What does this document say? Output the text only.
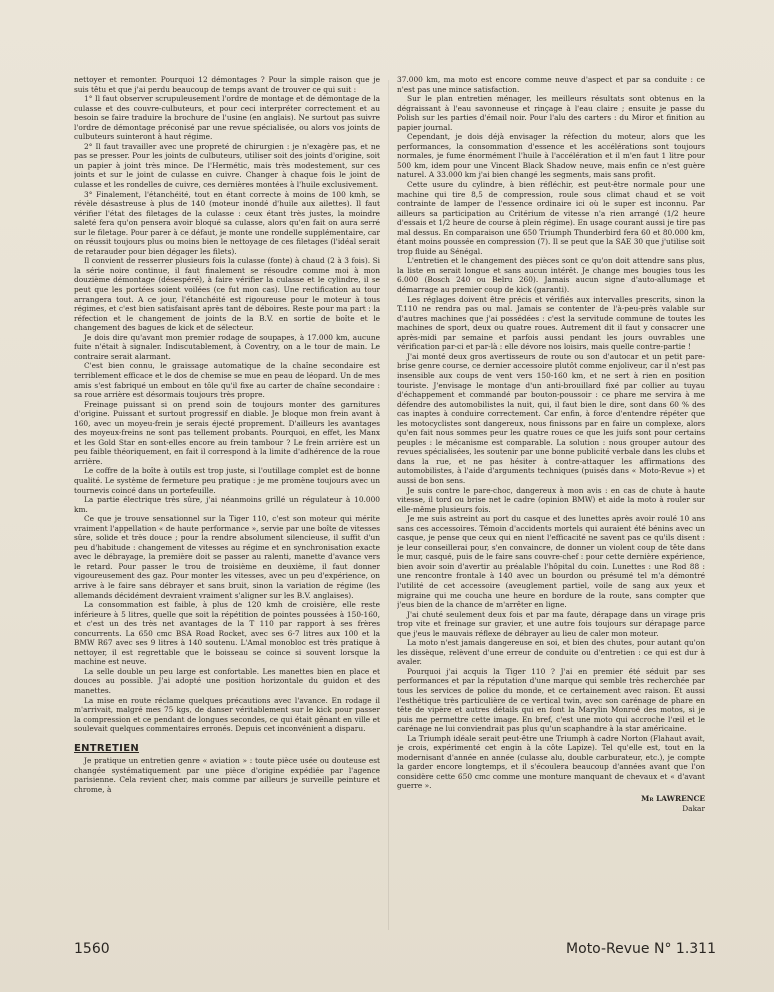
nettoyer et remonter. Pourquoi 12 démontages ? Pour la simple raison que je suis têtu et que j'ai perdu beaucoup de temps avant de trouver ce qui suit :

1° Il faut observer scrupuleusement l'ordre de montage et de démontage de la culasse et des couvre-culbuteurs, et pour ceci interpréter correctement et au besoin se faire traduire la brochure de l'usine (en anglais). Ne surtout pas suivre l'ordre de démontage préconisé par une revue spécialisée, ou alors vos joints de culbuteurs suinteront à haut régime.

2° Il faut travailler avec une propreté de chirurgien : je n'exagère pas, et ne pas se presser. Pour les joints de culbuteurs, utiliser soit des joints d'origine, soit un papier à joint très mince. De l'Hermétic, mais très modestement, sur ces joints et sur le joint de culasse en cuivre. Changer à chaque fois le joint de culasse et les rondelles de cuivre, ces dernières montées à l'huile exclusivement.

3° Finalement, l'étanchéité, tout en étant correcte à moins de 100 kmh, se révèle désastreuse à plus de 140 (moteur inondé d'huile aux ailettes). Il faut vérifier l'état des filetages de la culasse : ceux étant très justes, la moindre saleté fera qu'on pensera avoir bloqué sa culasse, alors qu'en fait on aura serré sur le filetage. Pour parer à ce défaut, je monte une rondelle supplémentaire, car on réussit toujours plus ou moins bien le nettoyage de ces filetages (l'idéal serait de retarauder pour bien dégager les filets).

Il convient de resserrer plusieurs fois la culasse (fonte) à chaud (2 à 3 fois). Si la série noire continue, il faut finalement se résoudre comme moi à mon douzième démontage (désespéré), à faire vérifier la culasse et le cylindre, il se peut que les portées soient voilées (ce fut mon cas). Une rectification au tour arrangera tout. A ce jour, l'étanchéité est rigoureuse pour le moteur à tous régimes, et c'est bien satisfaisant après tant de déboires. Reste pour ma part : la réfection et le changement de joints de la B.V. en sortie de boîte et le changement des bagues de kick et de sélecteur.

Je dois dire qu'avant mon premier rodage de soupapes, à 17.000 km, aucune fuite n'était à signaler. Indiscutablement, à Coventry, on a le tour de main. Le contraire serait alarmant.

C'est bien connu, le graissage automatique de la chaîne secondaire est terriblement efficace et le dos de chemise se mue en peau de léopard. Un de mes amis s'est fabriqué un embout en tôle qu'il fixe au carter de chaîne secondaire : sa roue arrière est désormais toujours très propre.

Freinage puissant si on prend soin de toujours monter des garnitures d'origine. Puissant et surtout progressif en diable. Je bloque mon frein avant à 160, avec un moyeu-frein je serais éjecté proprement. D'ailleurs les avantages des moyeux-freins ne sont pas tellement probants. Pourquoi, en effet, les Manx et les Gold Star en sont-elles encore au frein tambour ? Le frein arrière est un peu faible théoriquement, en fait il correspond à la limite d'adhérence de la roue arrière.

Le coffre de la boîte à outils est trop juste, si l'outillage complet est de bonne qualité. Le système de fermeture peu pratique : je me promène toujours avec un tournevis coincé dans un portefeuille.

La partie électrique très sûre, j'ai néanmoins grillé un régulateur à 10.000 km.

Ce que je trouve sensationnel sur la Tiger 110, c'est son moteur qui mérite vraiment l'appellation « de haute performance », servie par une boîte de vitesses sûre, solide et très douce ; pour la rendre absolument silencieuse, il suffit d'un peu d'habitude : changement de vitesses au régime et en synchronisation exacte avec le débrayage, la première doit se passer au ralenti, manette d'avance vers le retard. Pour passer le trou de troisième en deuxième, il faut donner vigoureusement des gaz. Pour monter les vitesses, avec un peu d'expérience, on arrive à le faire sans débrayer et sans bruit, sinon la variation de régime (les allemands décidément devraient vraiment s'aligner sur les B.V. anglaises).

La consommation est faible, à plus de 120 kmh de croisière, elle reste inférieure à 5 litres, quelle que soit la répétition de pointes poussées à 150-160, et c'est un des très net avantages de la T 110 par rapport à ses frères concurrents. La 650 cmc BSA Road Rocket, avec ses 6-7 litres aux 100 et la BMW R67 avec ses 9 litres à 140 soutenu. L'Amal monobloc est très pratique à nettoyer, il est regrettable que le boisseau se coince si souvent lorsque la machine est neuve.

La selle double un peu large est confortable. Les manettes bien en place et douces au possible. J'ai adopté une position horizontale du guidon et des manettes.

La mise en route réclame quelques précautions avec l'avance. En rodage il m'arrivait, malgré mes 75 kgs, de danser véritablement sur le kick pour passer la compression et ce pendant de longues secondes, ce qui était gênant en ville et soulevait quelques commentaires erronés. Depuis cet inconvénient a disparu.

ENTRETIEN

Je pratique un entretien genre « aviation » : toute pièce usée ou douteuse est changée systématiquement par une pièce d'origine expédiée par l'agence parisienne. Cela revient cher, mais comme par ailleurs je surveille peinture et chrome, à

37.000 km, ma moto est encore comme neuve d'aspect et par sa conduite : ce n'est pas une mince satisfaction.

Sur le plan entretien ménager, les meilleurs résultats sont obtenus en la dégraissant à l'eau savonneuse et rinçage à l'eau claire ; ensuite je passe du Polish sur les parties d'émail noir. Pour l'alu des carters : du Miror et finition au papier journal.

Cependant, je dois déjà envisager la réfection du moteur, alors que les performances, la consommation d'essence et les accélérations sont toujours normales, je fume énormément l'huile à l'accélération et il m'en faut 1 litre pour 500 km, idem pour une Vincent Black Shadow neuve, mais enfin ce n'est guère naturel. A 33.000 km j'ai bien changé les segments, mais sans profit.

Cette usure du cylindre, à bien réfléchir, est peut-être normale pour une machine qui tire 8,5 de compression, roule sous climat chaud et se voit contrainte de lamper de l'essence ordinaire ici où le super est inconnu. Par ailleurs sa participation au Critérium de vitesse n'a rien arrangé (1/2 heure d'essais et 1/2 heure de course à plein régime). En usage courant aussi je tire pas mal dessus. En comparaison une 650 Triumph Thunderbird fera 60 et 80.000 km, étant moins poussée en compression (7). Il se peut que la SAE 30 que j'utilise soit trop fluide au Sénégal.

L'entretien et le changement des pièces sont ce qu'on doit attendre sans plus, la liste en serait longue et sans aucun intérêt. Je change mes bougies tous les 6.000 (Bosch 240 ou Belru 260). Jamais aucun signe d'auto-allumage et démarrage au premier coup de kick (garanti).

Les réglages doivent être précis et vérifiés aux intervalles prescrits, sinon la T.110 ne rendra pas ou mal. Jamais se contenter de l'à-peu-près valable sur d'autres machines que j'ai possédées : c'est la servitude commune de toutes les machines de sport, deux ou quatre roues. Autrement dit il faut y consacrer une après-midi par semaine et parfois aussi pendant les jours ouvrables une vérification par-ci et par-là : elle dévore nos loisirs, mais quelle contre-partie !

J'ai monté deux gros avertisseurs de route ou son d'autocar et un petit pare-brise genre course, ce dernier accessoire plutôt comme enjoliveur, car il n'est pas insensible aux coups de vent vers 150-160 km, et ne sert à rien en position touriste. J'envisage le montage d'un anti-brouillard fixé par collier au tuyau d'échappement et commandé par bouton-poussoir : ce phare me servira à me défendre des automobilistes la nuit, qui, il faut bien le dire, sont dans 60 % des cas inaptes à conduire correctement. Car enfin, à force d'entendre répéter que les motocyclistes sont dangereux, nous finissons par en faire un complexe, alors qu'en fait nous sommes peur les quatre roues ce que les juifs sont pour certains peuples : le mécanisme est comparable. La solution : nous grouper autour des revues spécialisées, les soutenir par une bonne publicité verbale dans les clubs et dans la rue, et ne pas hésiter à contre-attaquer les affirmations des automobilistes, à l'aide d'arguments techniques (puisés dans « Moto-Revue ») et aussi de bon sens.

Je suis contre le pare-choc, dangereux à mon avis : en cas de chute à haute vitesse, il tord ou brise net le cadre (opinion BMW) et aide la moto à rouler sur elle-même plusieurs fois.

Je me suis astreint au port du casque et des lunettes après avoir roulé 10 ans sans ces accessoires. Témoin d'accidents mortels qui auraient été bénins avec un casque, je pense que ceux qui en nient l'efficacité ne savent pas ce qu'ils disent : je leur conseillerai pour, s'en convaincre, de donner un violent coup de tête dans le mur, casqué, puis de le faire sans couvre-chef : pour cette dernière expérience, bien avoir soin d'avertir au préalable l'hôpital du coin. Lunettes : une Rod 88 : une rencontre frontale à 140 avec un bourdon ou présumé tel m'a démontré l'utilité de cet accessoire (aveuglement partiel, voile de sang aux yeux et migraine qui me coucha une heure en bordure de la route, sans compter que j'eus bien de la chance de m'arrêter en ligne.

J'ai chuté seulement deux fois et par ma faute, dérapage dans un virage pris trop vite et freinage sur gravier, et une autre fois toujours sur dérapage parce que j'eus le mauvais réflexe de débrayer au lieu de caler mon moteur.

La moto n'est jamais dangereuse en soi, et bien des chutes, pour autant qu'on les dissèque, relèvent d'une erreur de conduite ou d'entretien : ce qui est dur à avaler.

Pourquoi j'ai acquis la Tiger 110 ? J'ai en premier été séduit par ses performances et par la réputation d'une marque qui semble très recherchée par tous les services de police du monde, et ce certainement avec raison. Et aussi l'esthétique très particulière de ce vertical twin, avec son carénage de phare en tête de vipère et autres détails qui en font la Marylin Monroë des motos, si je puis me permettre cette image. En bref, c'est une moto qui accroche l'œil et le carénage ne lui conviendrait pas plus qu'un scaphandre à la star américaine.

La Triumph idéale serait peut-être une Triumph à cadre Norton (Flahaut avait, je crois, expérimenté cet engin à la côte Lapize). Tel qu'elle est, tout en la modernisant d'année en année (culasse alu, double carburateur, etc.), je compte la garder encore longtemps, et il s'écoulera beaucoup d'années avant que l'on considère cette 650 cmc comme une monture manquant de chevaux et « d'avant guerre ».

Mr LAWRENCE
Dakar
1560	Moto-Revue N° 1.311
